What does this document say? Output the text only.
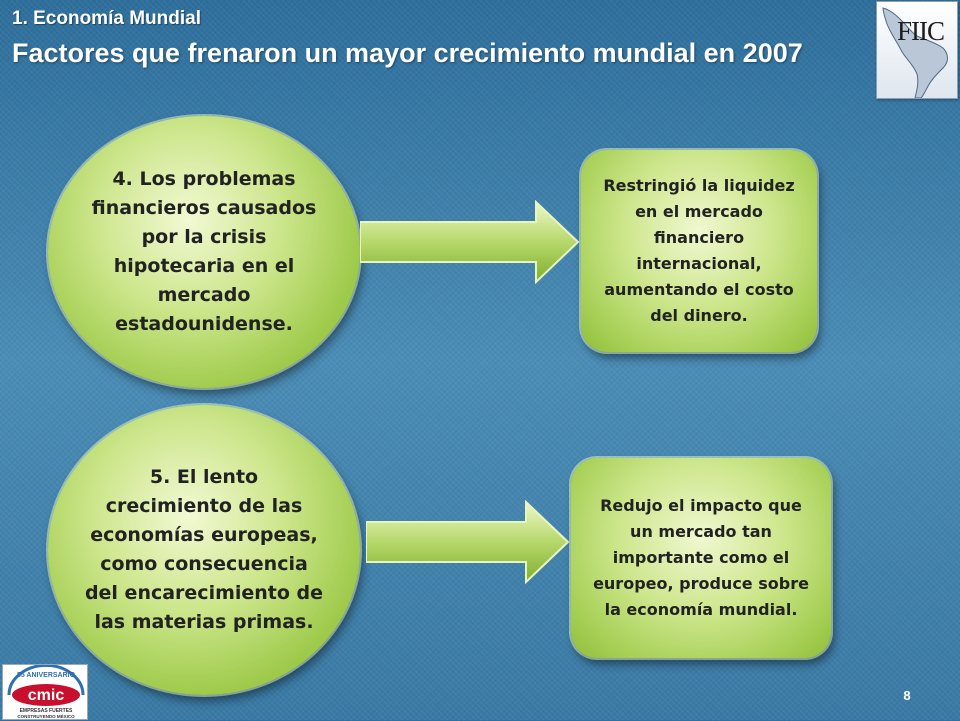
1. Economía Mundial
Factores que frenaron un mayor crecimiento mundial en 2007
FIIC
4. Los problemas financieros causados por la crisis hipotecaria en el mercado estadounidense.
Restringió la liquidez en el mercado financiero internacional, aumentando el costo del dinero.
5. El lento crecimiento de las economías europeas, como consecuencia del encarecimiento de las materias primas.
Redujo el impacto que un mercado tan importante como el europeo, produce sobre la economía mundial.
cmic
55 ANIVERSARIO
EMPRESAS FUERTES
CONSTRUYENDO MÉXICO
8
